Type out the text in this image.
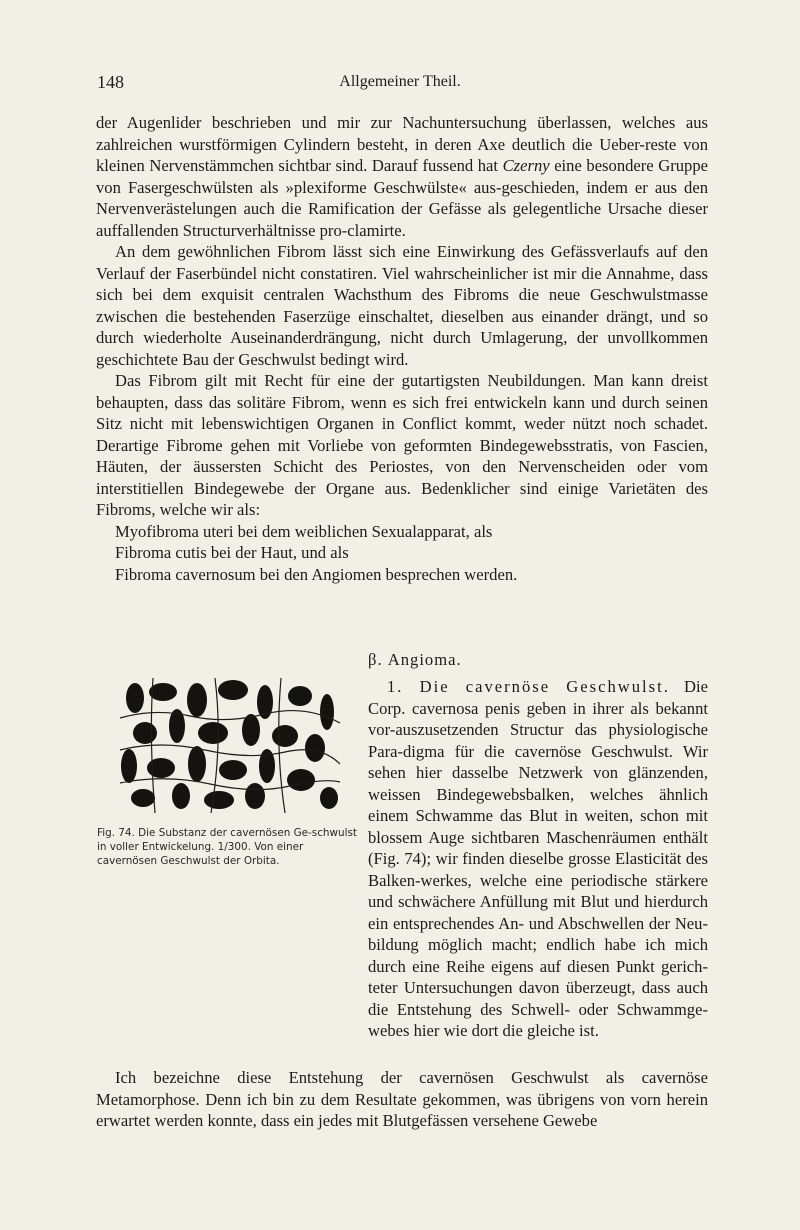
148	Allgemeiner Theil.

der Augenlider beschrieben und mir zur Nachuntersuchung überlassen, welches aus zahlreichen wurstförmigen Cylindern besteht, in deren Axe deutlich die Ueber-reste von kleinen Nervenstämmchen sichtbar sind. Darauf fussend hat Czerny eine besondere Gruppe von Fasergeschwülsten als »plexiforme Geschwülste« aus-geschieden, indem er aus den Nervenverästelungen auch die Ramification der Gefässe als gelegentliche Ursache dieser auffallenden Structurverhältnisse pro-clamirte.

An dem gewöhnlichen Fibrom lässt sich eine Einwirkung des Gefässverlaufs auf den Verlauf der Faserbündel nicht constatiren. Viel wahrscheinlicher ist mir die Annahme, dass sich bei dem exquisit centralen Wachsthum des Fibroms die neue Geschwulstmasse zwischen die bestehenden Faserzüge einschaltet, dieselben aus einander drängt, und so durch wiederholte Auseinanderdrängung, nicht durch Umlagerung, der unvollkommen geschichtete Bau der Geschwulst bedingt wird.

Das Fibrom gilt mit Recht für eine der gutartigsten Neubildungen. Man kann dreist behaupten, dass das solitäre Fibrom, wenn es sich frei entwickeln kann und durch seinen Sitz nicht mit lebenswichtigen Organen in Conflict kommt, weder nützt noch schadet. Derartige Fibrome gehen mit Vorliebe von geformten Bindegewebsstratis, von Fascien, Häuten, der äussersten Schicht des Periostes, von den Nervenscheiden oder vom interstitiellen Bindegewebe der Organe aus. Bedenklicher sind einige Varietäten des Fibroms, welche wir als:

Myofibroma uteri bei dem weiblichen Sexualapparat, als
Fibroma cutis bei der Haut, und als
Fibroma cavernosum bei den Angiomen besprechen werden.
β. Angioma.
Fig. 74. Die Substanz der cavernösen Ge-schwulst in voller Entwickelung. 1/300. Von einer cavernösen Geschwulst der Orbita.

1. Die cavernöse Geschwulst. Die Corp. cavernosa penis geben in ihrer als bekannt vor-auszusetzenden Structur das physiologische Para-digma für die cavernöse Geschwulst. Wir sehen hier dasselbe Netzwerk von glänzenden, weissen Bindegewebsbalken, welches ähnlich einem Schwamme das Blut in weiten, schon mit blossem Auge sichtbaren Maschenräumen enthält (Fig. 74); wir finden dieselbe grosse Elasticität des Balken-werkes, welche eine periodische stärkere und schwächere Anfüllung mit Blut und hierdurch ein entsprechendes An- und Abschwellen der Neu-bildung möglich macht; endlich habe ich mich durch eine Reihe eigens auf diesen Punkt gerich-teter Untersuchungen davon überzeugt, dass auch die Entstehung des Schwell- oder Schwammge-webes hier wie dort die gleiche ist.

Ich bezeichne diese Entstehung der cavernösen Geschwulst als cavernöse Metamorphose. Denn ich bin zu dem Resultate gekommen, was übrigens von vorn herein erwartet werden konnte, dass ein jedes mit Blutgefässen versehene Gewebe
